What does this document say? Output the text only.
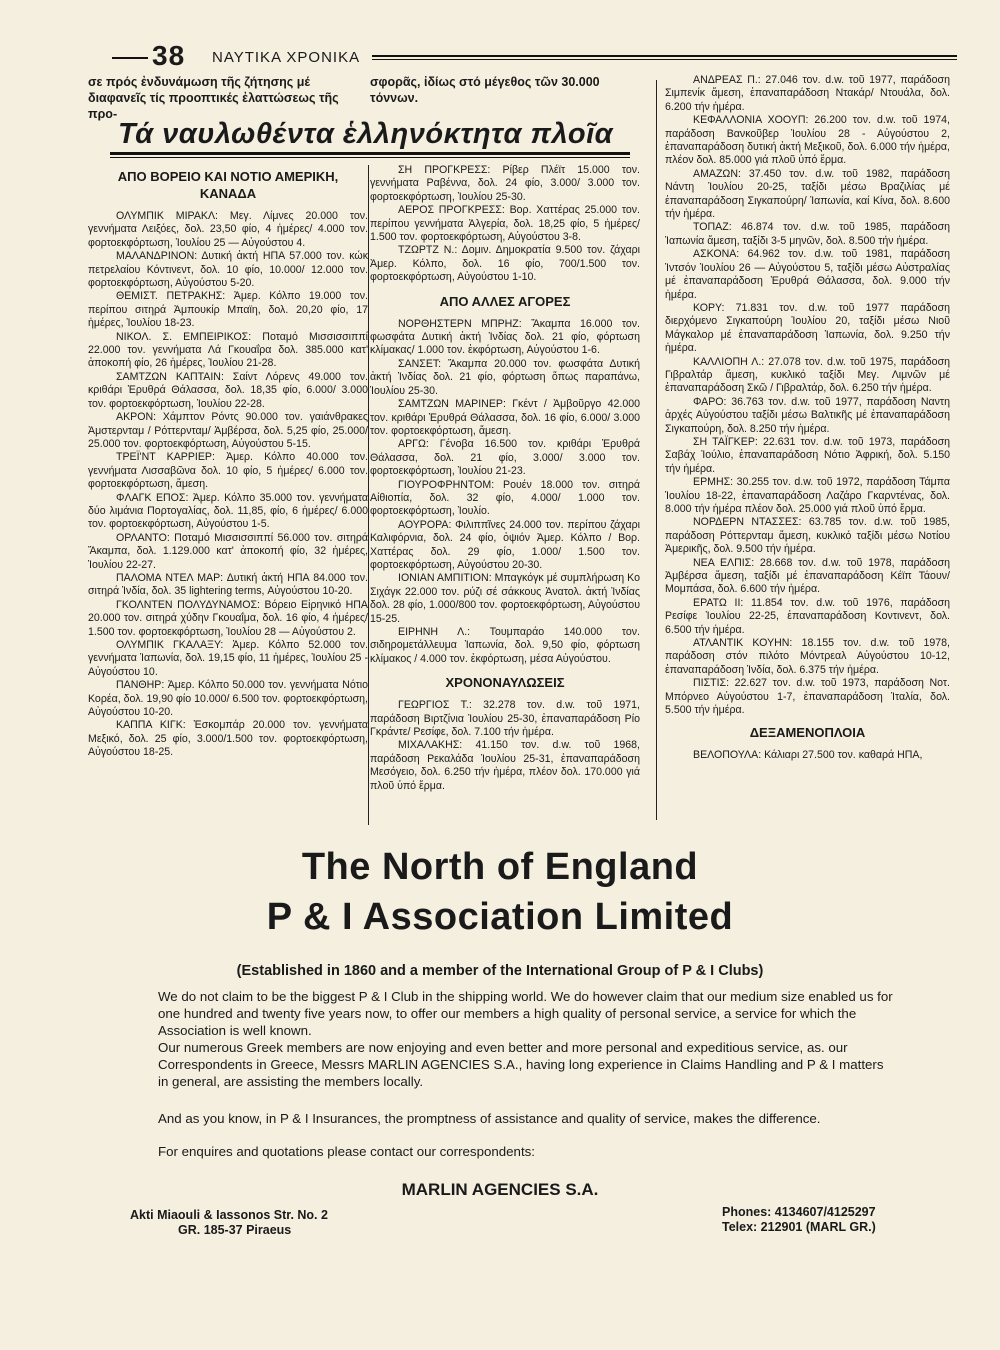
38 ΝΑΥΤΙΚΑ ΧΡΟΝΙΚΑ
σε πρός ἐνδυνάμωση τῆς ζήτησης μέ διαφανεῖς τίς προοπτικές ἐλαττώσεως τῆς προ-
ΑΠΟ ΒΟΡΕΙΟ ΚΑΙ ΝΟΤΙΟ ΑΜΕΡΙΚΗ, ΚΑΝΑΔΑ

ΟΛΥΜΠΙΚ ΜΙΡΑΚΛ: Μεγ. Λίμνες 20.000 τον. γεννήματα Λειξόες, δολ. 23,50 φίο, 4 ἡμέρες/ 4.000 τον. φορτοεκφόρτωση, Ἰουλίου 25 — Αὐγούστου 4.

ΜΑΛΑΝΔΡΙΝΟΝ: Δυτική ἀκτή ΗΠΑ 57.000 τον. κώκ πετρελαίου Κόντινεντ, δολ. 10 φίο, 10.000/ 12.000 τον. φορτοεκφόρτωση, Αὐγούστου 5-20.

ΘΕΜΙΣΤ. ΠΕΤΡΑΚΗΣ: Ἀμερ. Κόλπο 19.000 τον. περίπου σιτηρά Ἀμπουκίρ Μπαϊη, δολ. 20,20 φίο, 17 ἡμέρες, Ἰουλίου 18-23.

ΝΙΚΟΛ. Σ. ΕΜΠΕΙΡΙΚΟΣ: Ποταμό Μισσισσιππί 22.000 τον. γεννήματα Λά Γκουαΐρα δολ. 385.000 κατ' ἀποκοπή φίο, 26 ἡμέρες, Ἰουλίου 21-28.

ΣΑΜΤΖΩΝ ΚΑΠΤΑΙΝ: Σαίντ Λόρενς 49.000 τον. κριθάρι Ἐρυθρά Θάλασσα, δολ. 18,35 φίο, 6.000/ 3.000 τον. φορτοεκφόρτωση, Ἰουλίου 22-28.

ΑΚΡΟΝ: Χάμπτον Ρόντς 90.000 τον. γαιάνθρακες Ἀμστερνταμ / Ρόττερνταμ/ Ἀμβέρσα, δολ. 5,25 φίο, 25.000/ 25.000 τον. φορτοεκφόρτωση, Αὐγούστου 5-15.

ΤΡΕΪ'ΝΤ ΚΑΡΡΙΕΡ: Ἀμερ. Κόλπο 40.000 τον. γεννήματα Λισσαβῶνα δολ. 10 φίο, 5 ἡμέρες/ 6.000 τον. φορτοεκφόρτωση, ἄμεση.

ΦΛΑΓΚ ΕΠΟΣ: Ἀμερ. Κόλπο 35.000 τον. γεννήματα δύο λιμάνια Πορτογαλίας, δολ. 11,85, φίο, 6 ἡμέρες/ 6.000 τον. φορτοεκφόρτωση, Αὐγούστου 1-5.

ΟΡΛΑΝΤΟ: Ποταμό Μισσισσιππί 56.000 τον. σιτηρά Ἄκαμπα, δολ. 1.129.000 κατ' ἀποκοπή φίο, 32 ἡμέρες, Ἰουλίου 22-27.

ΠΑΛΟΜΑ ΝΤΕΛ ΜΑΡ: Δυτική ἀκτή ΗΠΑ 84.000 τον. σιτηρά Ἰνδία, δολ. 35 lightering terms, Αὐγούστου 10-20.

ΓΚΟΛΝΤΕΝ ΠΟΛΥΔΥΝΑΜΟΣ: Βόρειο Εἰρηνικό ΗΠΑ 20.000 τον. σιτηρά χύδην Γκουαΐμα, δολ. 16 φίο, 4 ἡμέρες/ 1.500 τον. φορτοεκφόρτωση, Ἰουλίου 28 — Αὐγούστου 2.

ΟΛΥΜΠΙΚ ΓΚΑΛΑΞΥ: Ἀμερ. Κόλπο 52.000 τον. γεννήματα Ἰαπωνία, δολ. 19,15 φίο, 11 ἡμέρες, Ἰουλίου 25 - Αὐγούστου 10.

ΠΑΝΘΗΡ: Ἀμερ. Κόλπο 50.000 τον. γεννήματα Νότιο Κορέα, δολ. 19,90 φίο 10.000/ 6.500 τον. φορτοεκφόρτωση, Αὐγούστου 10-20.

ΚΑΠΠΑ ΚΙΓΚ: Ἐσκομπάρ 20.000 τον. γεννήματα Μεξικό, δολ. 25 φίο, 3.000/1.500 τον. φορτοεκφόρτωση, Αὐγούστου 18-25.

Τά ναυλωθέντα ἑλληνόκτητα πλοῖα
σφορᾶς, ἰδίως στό μέγεθος τῶν 30.000 τόννων.

ΣΗ ΠΡΟΓΚΡΕΣΣ: Ρίβερ Πλέϊτ 15.000 τον. γεννήματα Ραβέννα, δολ. 24 φίο, 3.000/ 3.000 τον. φορτοεκφόρτωση, Ἰουλίου 25-30.

ΑΕΡΟΣ ΠΡΟΓΚΡΕΣΣ: Βορ. Χαττέρας 25.000 τον. περίπου γεννήματα Ἀλγερία, δολ. 18,25 φίο, 5 ἡμέρες/ 1.500 τον. φορτοεκφόρτωση, Αὐγούστου 3-8.

ΤΖΩΡΤΖ Ν.: Δομιν. Δημοκρατία 9.500 τον. ζάχαρι Ἀμερ. Κόλπο, δολ. 16 φίο, 700/1.500 τον. φορτοεκφόρτωση, Αὐγούστου 1-10.

ΑΠΟ ΑΛΛΕΣ ΑΓΟΡΕΣ

ΝΟΡΘΗΣΤΕΡΝ ΜΠΡΗΖ: Ἄκαμπα 16.000 τον. φωσφάτα Δυτική ἀκτή Ἰνδίας δολ. 21 φίο, φόρτωση κλίμακας/ 1.000 τον. ἐκφόρτωση, Αὐγούστου 1-6.

ΣΑΝΣΕΤ: Ἄκαμπα 20.000 τον. φωσφάτα Δυτική ἀκτή Ἰνδίας δολ. 21 φίο, φόρτωση ὅπως παραπάνω, Ἰουλίου 25-30.

ΣΑΜΤΖΩΝ ΜΑΡΙΝΕΡ: Γκέντ / Ἀμβοῦργο 42.000 τον. κριθάρι Ἐρυθρά Θάλασσα, δολ. 16 φίο, 6.000/ 3.000 τον. φορτοεκφόρτωση, ἄμεση.

ΑΡΓΩ: Γένοβα 16.500 τον. κριθάρι Ἐρυθρά Θάλασσα, δολ. 21 φίο, 3.000/ 3.000 τον. φορτοεκφόρτωση, Ἰουλίου 21-23.

ΓΙΟΥΡΟΦΡΗΝΤΟΜ: Ρουέν 18.000 τον. σιτηρά Αἰθιοπία, δολ. 32 φίο, 4.000/ 1.000 τον. φορτοεκφόρτωση, Ἰουλίο.

ΑΟΥΡΟΡΑ: Φιλιππῖνες 24.000 τον. περίπου ζάχαρι Καλιφόρνια, δολ. 24 φίο, ὀψιόν Ἀμερ. Κόλπο / Βορ. Χαττέρας δολ. 29 φίο, 1.000/ 1.500 τον. φορτοεκφόρτωση, Αὐγούστου 20-30.

ΙΟΝΙΑΝ ΑΜΠΙΤΙΟΝ: Μπαγκόγκ μέ συμπλήρωση Κο Σιχάγκ 22.000 τον. ρύζι σέ σάκκους Ἀνατολ. ἀκτή Ἰνδίας δολ. 28 φίο, 1.000/800 τον. φορτοεκφόρτωση, Αὐγούστου 15-25.

ΕΙΡΗΝΗ Λ.: Τουμπαράο 140.000 τον. σιδηρομετάλλευμα Ἰαπωνία, δολ. 9,50 φίο, φόρτωση κλίμακος / 4.000 τον. ἐκφόρτωση, μέσα Αὐγούστου.

ΧΡΟΝΟΝΑΥΛΩΣΕΙΣ

ΓΕΩΡΓΙΟΣ Τ.: 32.278 τον. d.w. τοῦ 1971, παράδοση Βιρτζίνια Ἰουλίου 25-30, ἐπαναπαράδοση Ρίο Γκράντε/ Ρεσίφε, δολ. 7.100 τήν ἡμέρα.

ΜΙΧΑΛΑΚΗΣ: 41.150 τον. d.w. τοῦ 1968, παράδοση Ρεκαλάδα Ἰουλίου 25-31, ἐπαναπαράδοση Μεσόγειο, δολ. 6.250 τήν ἡμέρα, πλέον δολ. 170.000 γιά πλοῦ ὑπό ἔρμα.

ΑΝΔΡΕΑΣ Π.: 27.046 τον. d.w. τοῦ 1977, παράδοση Σιμπενίκ ἄμεση, ἐπαναπαράδοση Ντακάρ/ Ντουάλα, δολ. 6.200 τήν ἡμέρα.

ΚΕΦΑΛΛΟΝΙΑ ΧΟΟΥΠ: 26.200 τον. d.w. τοῦ 1974, παράδοση Βανκοῦβερ Ἰουλίου 28 - Αὐγούστου 2, ἐπαναπαράδοση δυτική ἀκτή Μεξικοῦ, δολ. 6.000 τήν ἡμέρα, πλέον δολ. 85.000 γιά πλοῦ ὑπό ἔρμα.

ΑΜΑΖΩΝ: 37.450 τον. d.w. τοῦ 1982, παράδοση Νάντη Ἰουλίου 20-25, ταξίδι μέσω Βραζιλίας μέ ἐπαναπαράδοση Σιγκαπούρη/ Ἰαπωνία, καί Κίνα, δολ. 8.600 τήν ἡμέρα.

ΤΟΠΑΖ: 46.874 τον. d.w. τοῦ 1985, παράδοση Ἰαπωνία ἄμεση, ταξίδι 3-5 μηνῶν, δολ. 8.500 τήν ἡμέρα.

ΑΣΚΟΝΑ: 64.962 τον. d.w. τοῦ 1981, παράδοση Ἰντσόν Ἰουλίου 26 — Αὐγούστου 5, ταξίδι μέσω Αὐστραλίας μέ ἐπαναπαράδοση Ἐρυθρά Θάλασσα, δολ. 9.000 τήν ἡμέρα.

ΚΟΡΥ: 71.831 τον. d.w. τοῦ 1977 παράδοση διερχόμενο Σιγκαπούρη Ἰουλίου 20, ταξίδι μέσω Νιοῦ Μάγκαλορ μέ ἐπαναπαράδοση Ἰαπωνία, δολ. 9.250 τήν ἡμέρα.

ΚΑΛΛΙΟΠΗ Λ.: 27.078 τον. d.w. τοῦ 1975, παράδοση Γιβραλτάρ ἄμεση, κυκλικό ταξίδι Μεγ. Λιμνῶν μέ ἐπαναπαράδοση Σκῶ / Γιβραλτάρ, δολ. 6.250 τήν ἡμέρα.

ΦΑΡΟ: 36.763 τον. d.w. τοῦ 1977, παράδοση Ναντη ἀρχές Αὐγούστου ταξίδι μέσω Βαλτικῆς μέ ἐπαναπαράδοση Σιγκαπούρη, δολ. 8.250 τήν ἡμέρα.

ΣΗ ΤΑΪΓΚΕΡ: 22.631 τον. d.w. τοῦ 1973, παράδοση Σαβάχ Ἰούλιο, ἐπαναπαράδοση Νότιο Ἀφρική, δολ. 5.150 τήν ἡμέρα.

ΕΡΜΗΣ: 30.255 τον. d.w. τοῦ 1972, παράδοση Τάμπα Ἰουλίου 18-22, ἐπαναπαράδοση Λαζάρο Γκαρντένας, δολ. 8.000 τήν ἡμέρα πλέον δολ. 25.000 γιά πλοῦ ὑπό ἔρμα.

ΝΟΡΔΕΡΝ ΝΤΑΣΣΕΣ: 63.785 τον. d.w. τοῦ 1985, παράδοση Ρόττερνταμ ἄμεση, κυκλικό ταξίδι μέσω Νοτίου Ἀμερικῆς, δολ. 9.500 τήν ἡμέρα.

ΝΕΑ ΕΛΠΙΣ: 28.668 τον. d.w. τοῦ 1978, παράδοση Ἀμβέρσα ἄμεση, ταξίδι μέ ἐπαναπαράδοση Κέϊπ Τάουν/ Μομπάσα, δολ. 6.600 τήν ἡμέρα.

ΕΡΑΤΩ ΙΙ: 11.854 τον. d.w. τοῦ 1976, παράδοση Ρεσίφε Ἰουλίου 22-25, ἐπαναπαράδοση Κοντινεντ, δολ. 6.500 τήν ἡμέρα.

ΑΤΛΑΝΤΙΚ ΚΟΥΗΝ: 18.155 τον. d.w. τοῦ 1978, παράδοση στόν πιλότο Μόντρεαλ Αὐγούστου 10-12, ἐπαναπαράδοση Ἰνδία, δολ. 6.375 τήν ἡμέρα.

ΠΙΣΤΙΣ: 22.627 τον. d.w. τοῦ 1973, παράδοση Νοτ. Μπόρνεο Αὐγούστου 1-7, ἐπαναπαράδοση Ἰταλία, δολ. 5.500 τήν ἡμέρα.

ΔΕΞΑΜΕΝΟΠΛΟΙΑ

ΒΕΛΟΠΟΥΛΑ: Κάλιαρι 27.500 τον. καθαρά ΗΠΑ,

The North of England
P & I Association Limited
(Established in 1860 and a member of the International Group of P & I Clubs)

We do not claim to be the biggest P & I Club in the shipping world. We do however claim that our medium size enabled us for one hundred and twenty five years now, to offer our members a high quality of personal service, a service for which the Association is well known.

Our numerous Greek members are now enjoying and even better and more personal and expeditious service, as. our Correspondents in Greece, Messrs MARLIN AGENCIES S.A., having long experience in Claims Handling and P & I matters in general, are assisting the members locally.

And as you know, in P & I Insurances, the promptness of assistance and quality of service, makes the difference.

For enquires and quotations please contact our correspondents:

MARLIN AGENCIES S.A.
Akti Miaouli & Iassonos Str. No. 2
GR. 185-37 Piraeus
Phones: 4134607/4125297
Telex: 212901 (MARL GR.)
